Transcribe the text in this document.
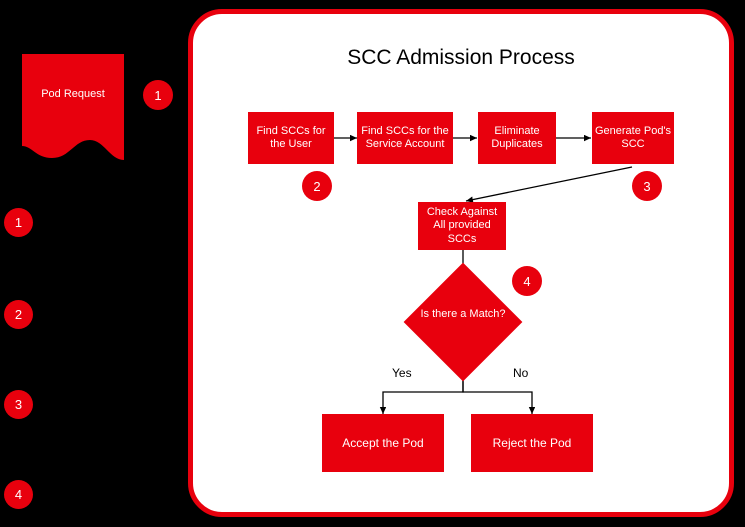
Pod Request
1
2
3
4
SCC Admission Process
Find SCCs for the User
Find SCCs for the Service Account
Eliminate Duplicates
Generate Pod's SCC
Check Against All provided SCCs
Is there a Match?
Yes	No
Accept the Pod	Reject the Pod
1
2	3
4
